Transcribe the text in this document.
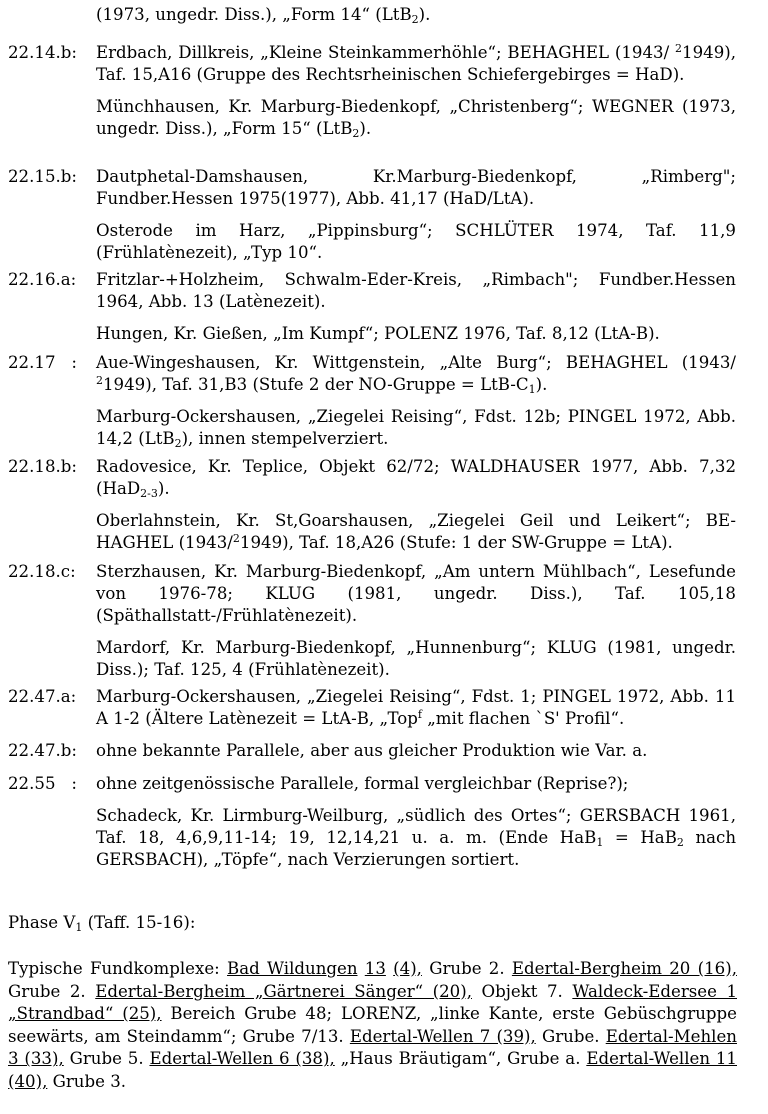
(1973, ungedr. Diss.), „Form 14“ (LtB$_2$).

22.14.b: Erdbach, Dillkreis, „Kleine Steinkammerhöhle“; BEHAGHEL (1943/ $^2$1949), Taf. 15,A16 (Gruppe des Rechtsrheinischen Schiefergebirges = HaD).

Münchhausen, Kr. Marburg-Biedenkopf, „Christenberg“; WEGNER (1973, ungedr. Diss.), „Form 15“ (LtB$_2$).

22.15.b: Dautphetal-Damshausen, Kr.Marburg-Biedenkopf, „Rimberg"; Fundber.Hessen 1975(1977), Abb. 41,17 (HaD/LtA).

Osterode im Harz, „Pippinsburg“; SCHLÜTER 1974, Taf. 11,9 (Frühlatènezeit), „Typ 10“.

22.16.a: Fritzlar-+Holzheim, Schwalm-Eder-Kreis, „Rimbach"; Fundber.Hessen 1964, Abb. 13 (Latènezeit).

Hungen, Kr. Gießen, „Im Kumpf“; POLENZ 1976, Taf. 8,12 (LtA-B).

22.17   : Aue-Wingeshausen, Kr. Wittgenstein, „Alte Burg“; BEHAGHEL (1943/ $^2$1949), Taf. 31,B3 (Stufe 2 der NO-Gruppe = LtB-$C_1$).

Marburg-Ockershausen, „Ziegelei Reising“, Fdst. 12b; PINGEL 1972, Abb. 14,2 (LtB$_2$), innen stempelverziert.

22.18.b: Radovesice, Kr. Teplice, Objekt 62/72; WALDHAUSER 1977, Abb. 7,32 (HaD$_{2-3}$).

Oberlahnstein, Kr. St,Goarshausen, „Ziegelei Geil und Leikert“; BE-HAGHEL (1943/$^2$1949), Taf. 18,A26 (Stufe: 1 der SW-Gruppe = LtA).

22.18.c: Sterzhausen, Kr. Marburg-Biedenkopf, „Am untern Mühlbach“, Lesefunde von 1976-78; KLUG (1981, ungedr. Diss.), Taf. 105,18 (Späthallstatt-/Frühlatènezeit).

Mardorf, Kr. Marburg-Biedenkopf, „Hunnenburg“; KLUG (1981, ungedr. Diss.); Taf. 125, 4 (Frühlatènezeit).

22.47.a: Marburg-Ockershausen, „Ziegelei Reising“, Fdst. 1; PINGEL 1972, Abb. 11 A 1-2 (Ältere Latènezeit = LtA-B, „Top$^f$ „mit flachen `S' Profil“.

22.47.b: ohne bekannte Parallele, aber aus gleicher Produktion wie Var. a.

22.55   : ohne zeitgenössische Parallele, formal vergleichbar (Reprise?);

Schadeck, Kr. Lirmburg-Weilburg, „südlich des Ortes“; GERSBACH 1961, Taf. 18, 4,6,9,11-14; 19, 12,14,21 u. a. m. (Ende HaB$_1$ = HaB$_2$ nach GERSBACH), „Töpfe“, nach Verzierungen sortiert.

Phase $V_1$ (Taff. 15-16):
Typische Fundkomplexe: Bad Wildungen 13 (4), Grube 2. Edertal-Bergheim 20 (16), Grube 2. Edertal-Bergheim „Gärtnerei Sänger“ (20), Objekt 7. Waldeck-Edersee 1 „Strandbad“ (25), Bereich Grube 48; LORENZ, „linke Kante, erste Gebüschgruppe seewärts, am Steindamm“; Grube 7/13. Edertal-Wellen 7 (39), Grube. Edertal-Mehlen 3 (33), Grube 5. Edertal-Wellen 6 (38), „Haus Bräutigam“, Grube a. Edertal-Wellen 11 (40), Grube 3.
